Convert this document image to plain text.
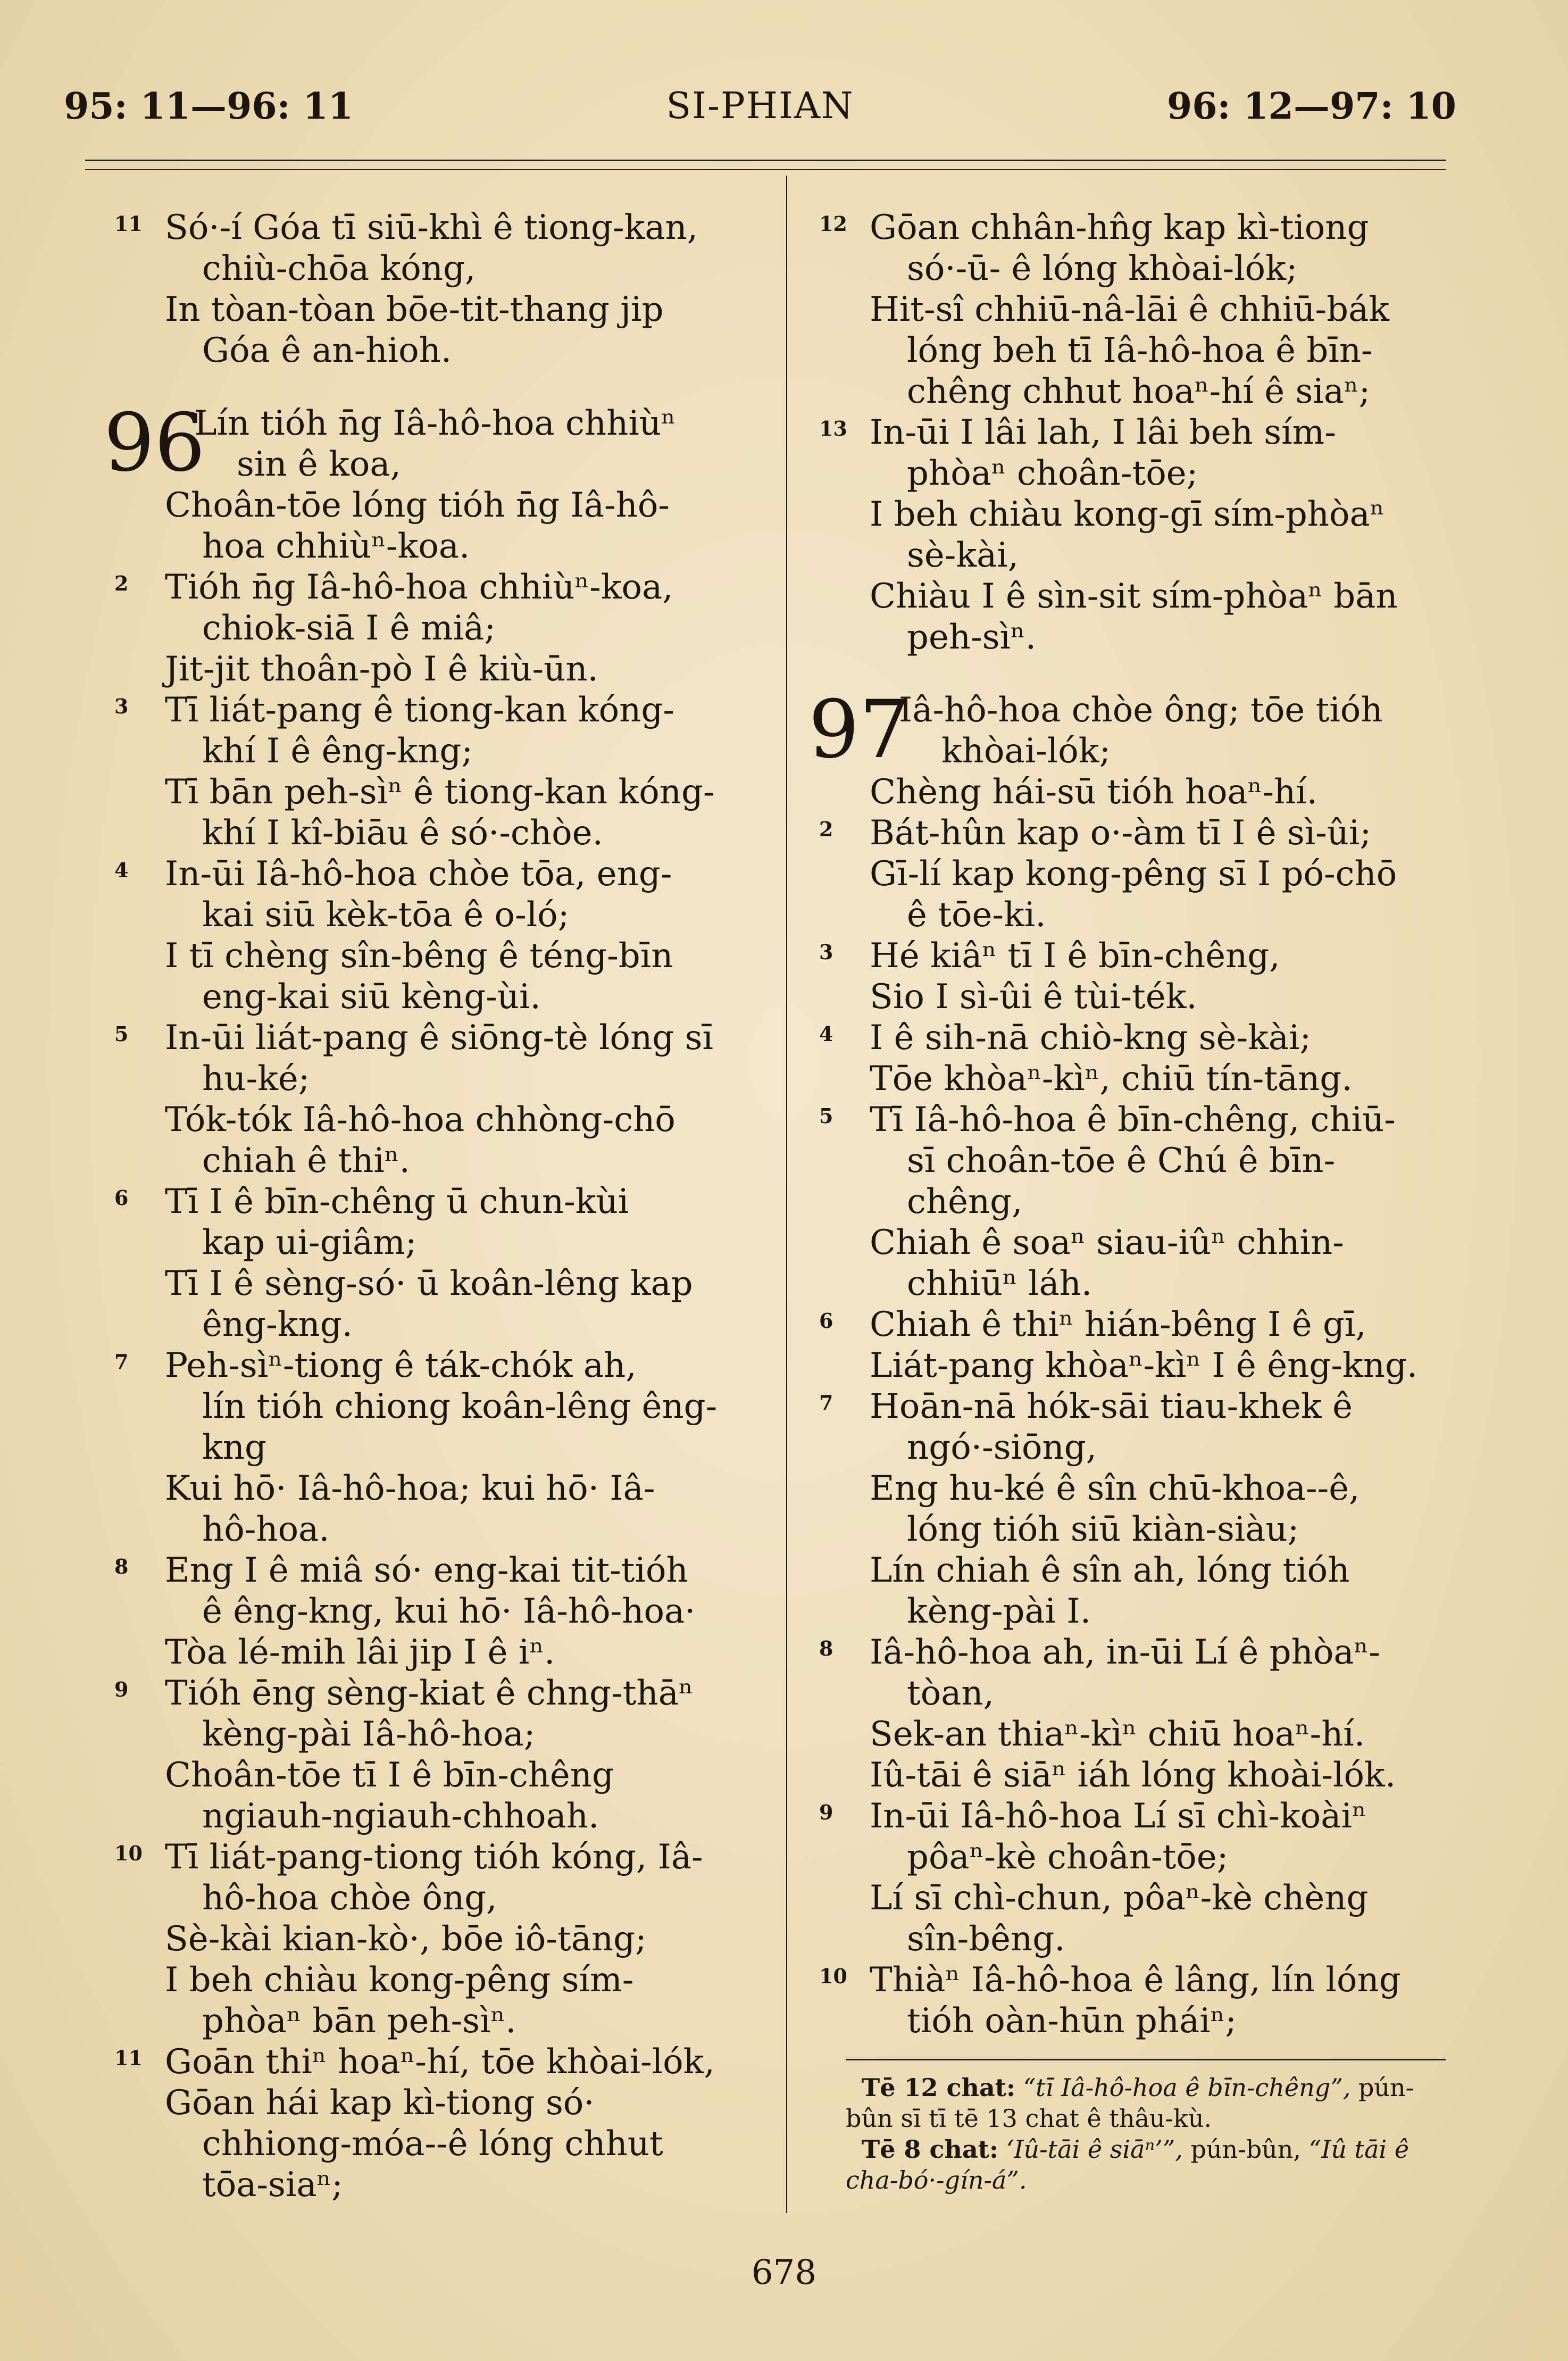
95: 11—96: 11	SI-PHIAN	96: 12—97: 10
11 Só·-í Góa tī siū-khì ê tiong-kan,
chiù-chōa kóng,
In tòan-tòan bōe-tit-thang jip
Góa ê an-hioh.
96
Lín tióh n̄g Iâ-hô-hoa chhiùⁿ
sin ê koa,
Choân-tōe lóng tióh n̄g Iâ-hô-
hoa chhiùⁿ-koa.
2 Tióh n̄g Iâ-hô-hoa chhiùⁿ-koa,
chiok-siā I ê miâ;
Jit-jit thoân-pò I ê kiù-ūn.
3 Tī liát-pang ê tiong-kan kóng-
khí I ê êng-kng;
Tī bān peh-sìⁿ ê tiong-kan kóng-
khí I kî-biāu ê só·-chòe.
4 In-ūi Iâ-hô-hoa chòe tōa, eng-
kai siū kèk-tōa ê o-ló;
I tī chèng sîn-bêng ê téng-bīn
eng-kai siū kèng-ùi.
5 In-ūi liát-pang ê siōng-tè lóng sī
hu-ké;
Tók-tók Iâ-hô-hoa chhòng-chō
chiah ê thiⁿ.
6 Tī I ê bīn-chêng ū chun-kùi
kap ui-giâm;
Tī I ê sèng-só· ū koân-lêng kap
êng-kng.
7 Peh-sìⁿ-tiong ê ták-chók ah,
lín tióh chiong koân-lêng êng-
kng
Kui hō· Iâ-hô-hoa; kui hō· Iâ-
hô-hoa.
8 Eng I ê miâ só· eng-kai tit-tióh
ê êng-kng, kui hō· Iâ-hô-hoa·
Tòa lé-mih lâi jip I ê iⁿ.
9 Tióh ēng sèng-kiat ê chng-thāⁿ
kèng-pài Iâ-hô-hoa;
Choân-tōe tī I ê bīn-chêng
ngiauh-ngiauh-chhoah.
10 Tī liát-pang-tiong tióh kóng, Iâ-
hô-hoa chòe ông,
Sè-kài kian-kò·, bōe iô-tāng;
I beh chiàu kong-pêng sím-
phòaⁿ bān peh-sìⁿ.
11 Goān thiⁿ hoaⁿ-hí, tōe khòai-lók,
Gōan hái kap kì-tiong só·
chhiong-móa--ê lóng chhut
tōa-siaⁿ;
12 Gōan chhân-hn̂g kap kì-tiong
só·-ū- ê lóng khòai-lók;
Hit-sî chhiū-nâ-lāi ê chhiū-bák
lóng beh tī Iâ-hô-hoa ê bīn-
chêng chhut hoaⁿ-hí ê siaⁿ;
13 In-ūi I lâi lah, I lâi beh sím-
phòaⁿ choân-tōe;
I beh chiàu kong-gī sím-phòaⁿ
sè-kài,
Chiàu I ê sìn-sit sím-phòaⁿ bān
peh-sìⁿ.
97
Iâ-hô-hoa chòe ông; tōe tióh
khòai-lók;
Chèng hái-sū tióh hoaⁿ-hí.
2 Bát-hûn kap o·-àm tī I ê sì-ûi;
Gī-lí kap kong-pêng sī I pó-chō
ê tōe-ki.
3 Hé kiâⁿ tī I ê bīn-chêng,
Sio I sì-ûi ê tùi-ték.
4 I ê sih-nā chiò-kng sè-kài;
Tōe khòaⁿ-kìⁿ, chiū tín-tāng.
5 Tī Iâ-hô-hoa ê bīn-chêng, chiū-
sī choân-tōe ê Chú ê bīn-
chêng,
Chiah ê soaⁿ siau-iûⁿ chhin-
chhiūⁿ láh.
6 Chiah ê thiⁿ hián-bêng I ê gī,
Liát-pang khòaⁿ-kìⁿ I ê êng-kng.
7 Hoān-nā hók-sāi tiau-khek ê
ngó·-siōng,
Eng hu-ké ê sîn chū-khoa--ê,
lóng tióh siū kiàn-siàu;
Lín chiah ê sîn ah, lóng tióh
kèng-pài I.
8 Iâ-hô-hoa ah, in-ūi Lí ê phòaⁿ-
tòan,
Sek-an thiaⁿ-kìⁿ chiū hoaⁿ-hí.
Iû-tāi ê siāⁿ iáh lóng khoài-lók.
9 In-ūi Iâ-hô-hoa Lí sī chì-koàiⁿ
pôaⁿ-kè choân-tōe;
Lí sī chì-chun, pôaⁿ-kè chèng
sîn-bêng.
10 Thiàⁿ Iâ-hô-hoa ê lâng, lín lóng
tióh oàn-hūn pháiⁿ;
Tē 12 chat: “tī Iâ-hô-hoa ê bīn-chêng”, pún-bûn sī tī tē 13 chat ê thâu-kù.
Tē 8 chat: ‘Iû-tāi ê siāⁿ’”, pún-bûn, “Iû tāi ê cha-bó·-gín-á”.
678
